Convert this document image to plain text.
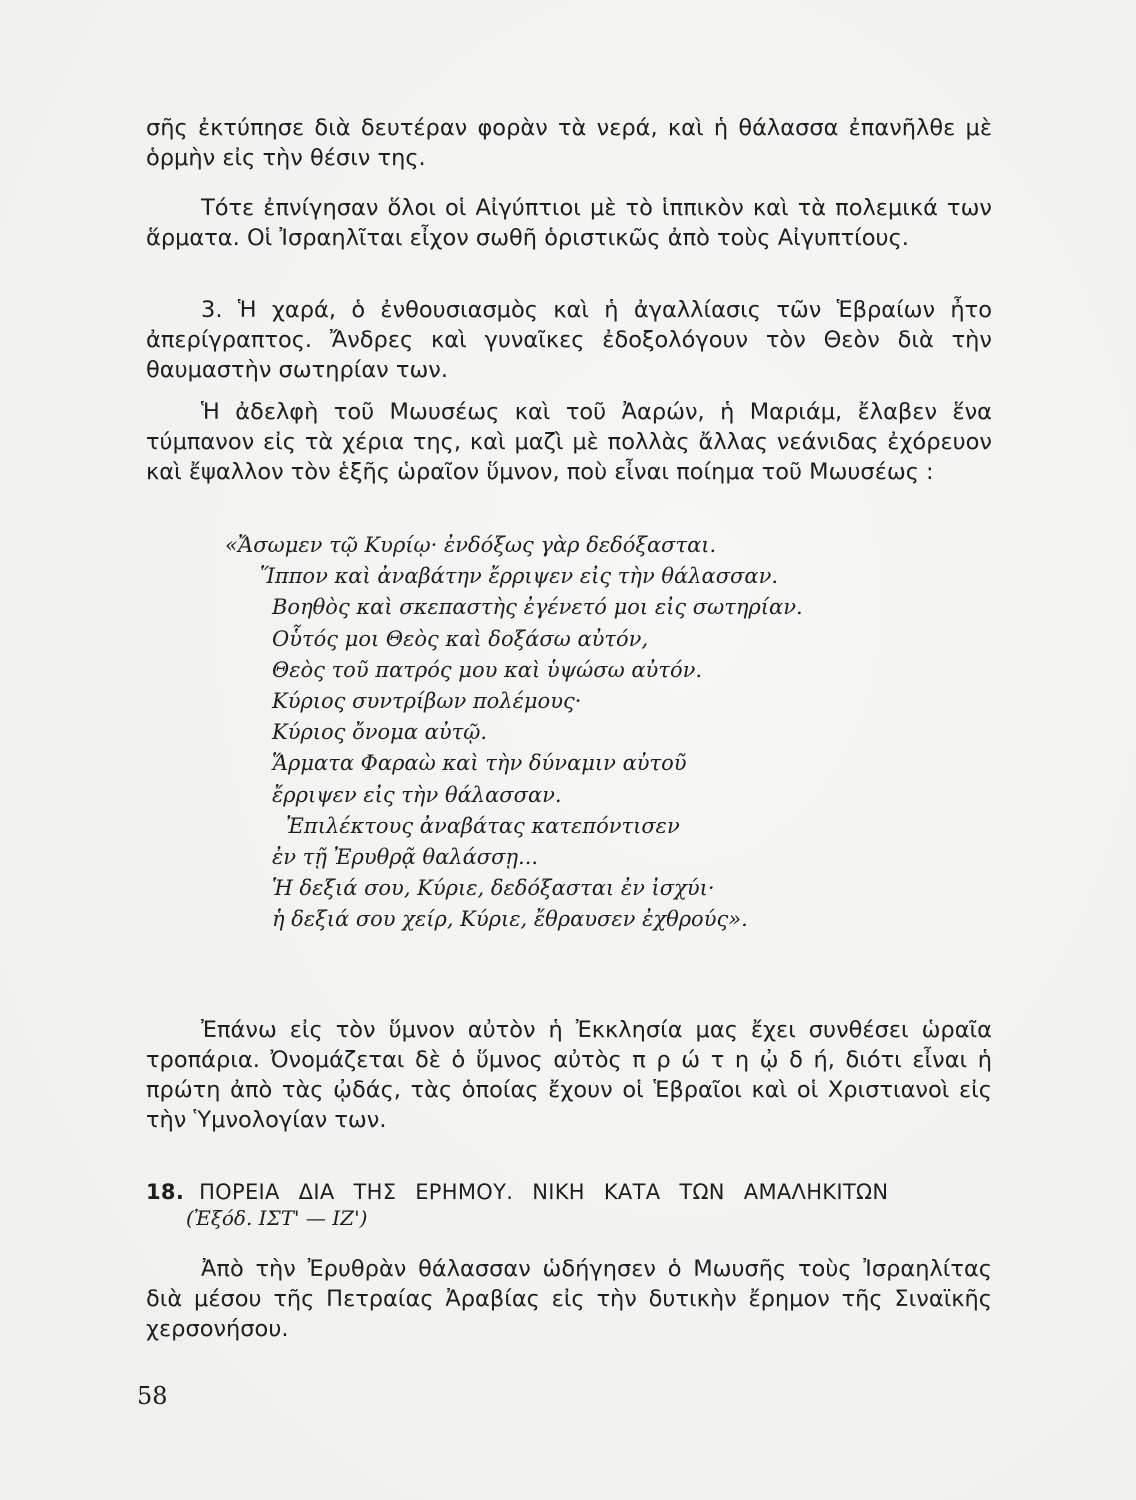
σῆς ἐκτύπησε διὰ δευτέραν φορὰν τὰ νερά, καὶ ἡ θάλασσα ἐπανῆλθε μὲ ὁρμὴν εἰς τὴν θέσιν της.

Τότε ἐπνίγησαν ὅλοι οἱ Αἰγύπτιοι μὲ τὸ ἱππικὸν καὶ τὰ πολεμικά των ἅρματα. Οἱ Ἰσραηλῖται εἶχον σωθῆ ὁριστικῶς ἀπὸ τοὺς Αἰγυπτίους.

3. Ἡ χαρά, ὁ ἐνθουσιασμὸς καὶ ἡ ἀγαλλίασις τῶν Ἑβραίων ἦτο ἀπερίγραπτος. Ἄνδρες καὶ γυναῖκες ἐδοξολόγουν τὸν Θεὸν διὰ τὴν θαυμαστὴν σωτηρίαν των.

Ἡ ἀδελφὴ τοῦ Μωυσέως καὶ τοῦ Ἀαρών, ἡ Μαριάμ, ἔλαβεν ἕνα τύμπανον εἰς τὰ χέρια της, καὶ μαζὶ μὲ πολλὰς ἄλλας νεάνιδας ἐχόρευον καὶ ἔψαλλον τὸν ἑξῆς ὡραῖον ὕμνον, ποὺ εἶναι ποίημα τοῦ Μωυσέως :

«Ἄσωμεν τῷ Κυρίῳ· ἐνδόξως γὰρ δεδόξασται.
Ἵππον καὶ ἀναβάτην ἔρριψεν εἰς τὴν θάλασσαν.
Βοηθὸς καὶ σκεπαστὴς ἐγένετό μοι εἰς σωτηρίαν.
Οὗτός μοι Θεὸς καὶ δοξάσω αὐτόν,
Θεὸς τοῦ πατρός μου καὶ ὑψώσω αὐτόν.
Κύριος συντρίβων πολέμους·
Κύριος ὄνομα αὐτῷ.
Ἅρματα Φαραὼ καὶ τὴν δύναμιν αὐτοῦ
ἔρριψεν εἰς τὴν θάλασσαν.
Ἐπιλέκτους ἀναβάτας κατεπόντισεν
ἐν τῇ Ἐρυθρᾷ θαλάσσῃ...
Ἡ δεξιά σου, Κύριε, δεδόξασται ἐν ἰσχύι·
ἡ δεξιά σου χείρ, Κύριε, ἔθραυσεν ἐχθρούς».

Ἐπάνω εἰς τὸν ὕμνον αὐτὸν ἡ Ἐκκλησία μας ἔχει συνθέσει ὡραῖα τροπάρια. Ὀνομάζεται δὲ ὁ ὕμνος αὐτὸς π ρ ώ τ η ᾠ δ ή, διότι εἶναι ἡ πρώτη ἀπὸ τὰς ᾠδάς, τὰς ὁποίας ἔχουν οἱ Ἑβραῖοι καὶ οἱ Χριστιανοὶ εἰς τὴν Ὑμνολογίαν των.

18. ΠΟΡΕΙΑ ΔΙΑ ΤΗΣ ΕΡΗΜΟΥ. ΝΙΚΗ ΚΑΤΑ ΤΩΝ ΑΜΑΛΗΚΙΤΩΝ
(Ἐξόδ. ΙΣΤ' — ΙΖ')

Ἀπὸ τὴν Ἐρυθρὰν θάλασσαν ὡδήγησεν ὁ Μωυσῆς τοὺς Ἰσραηλίτας διὰ μέσου τῆς Πετραίας Ἀραβίας εἰς τὴν δυτικὴν ἔρημον τῆς Σιναϊκῆς χερσονήσου.

58
